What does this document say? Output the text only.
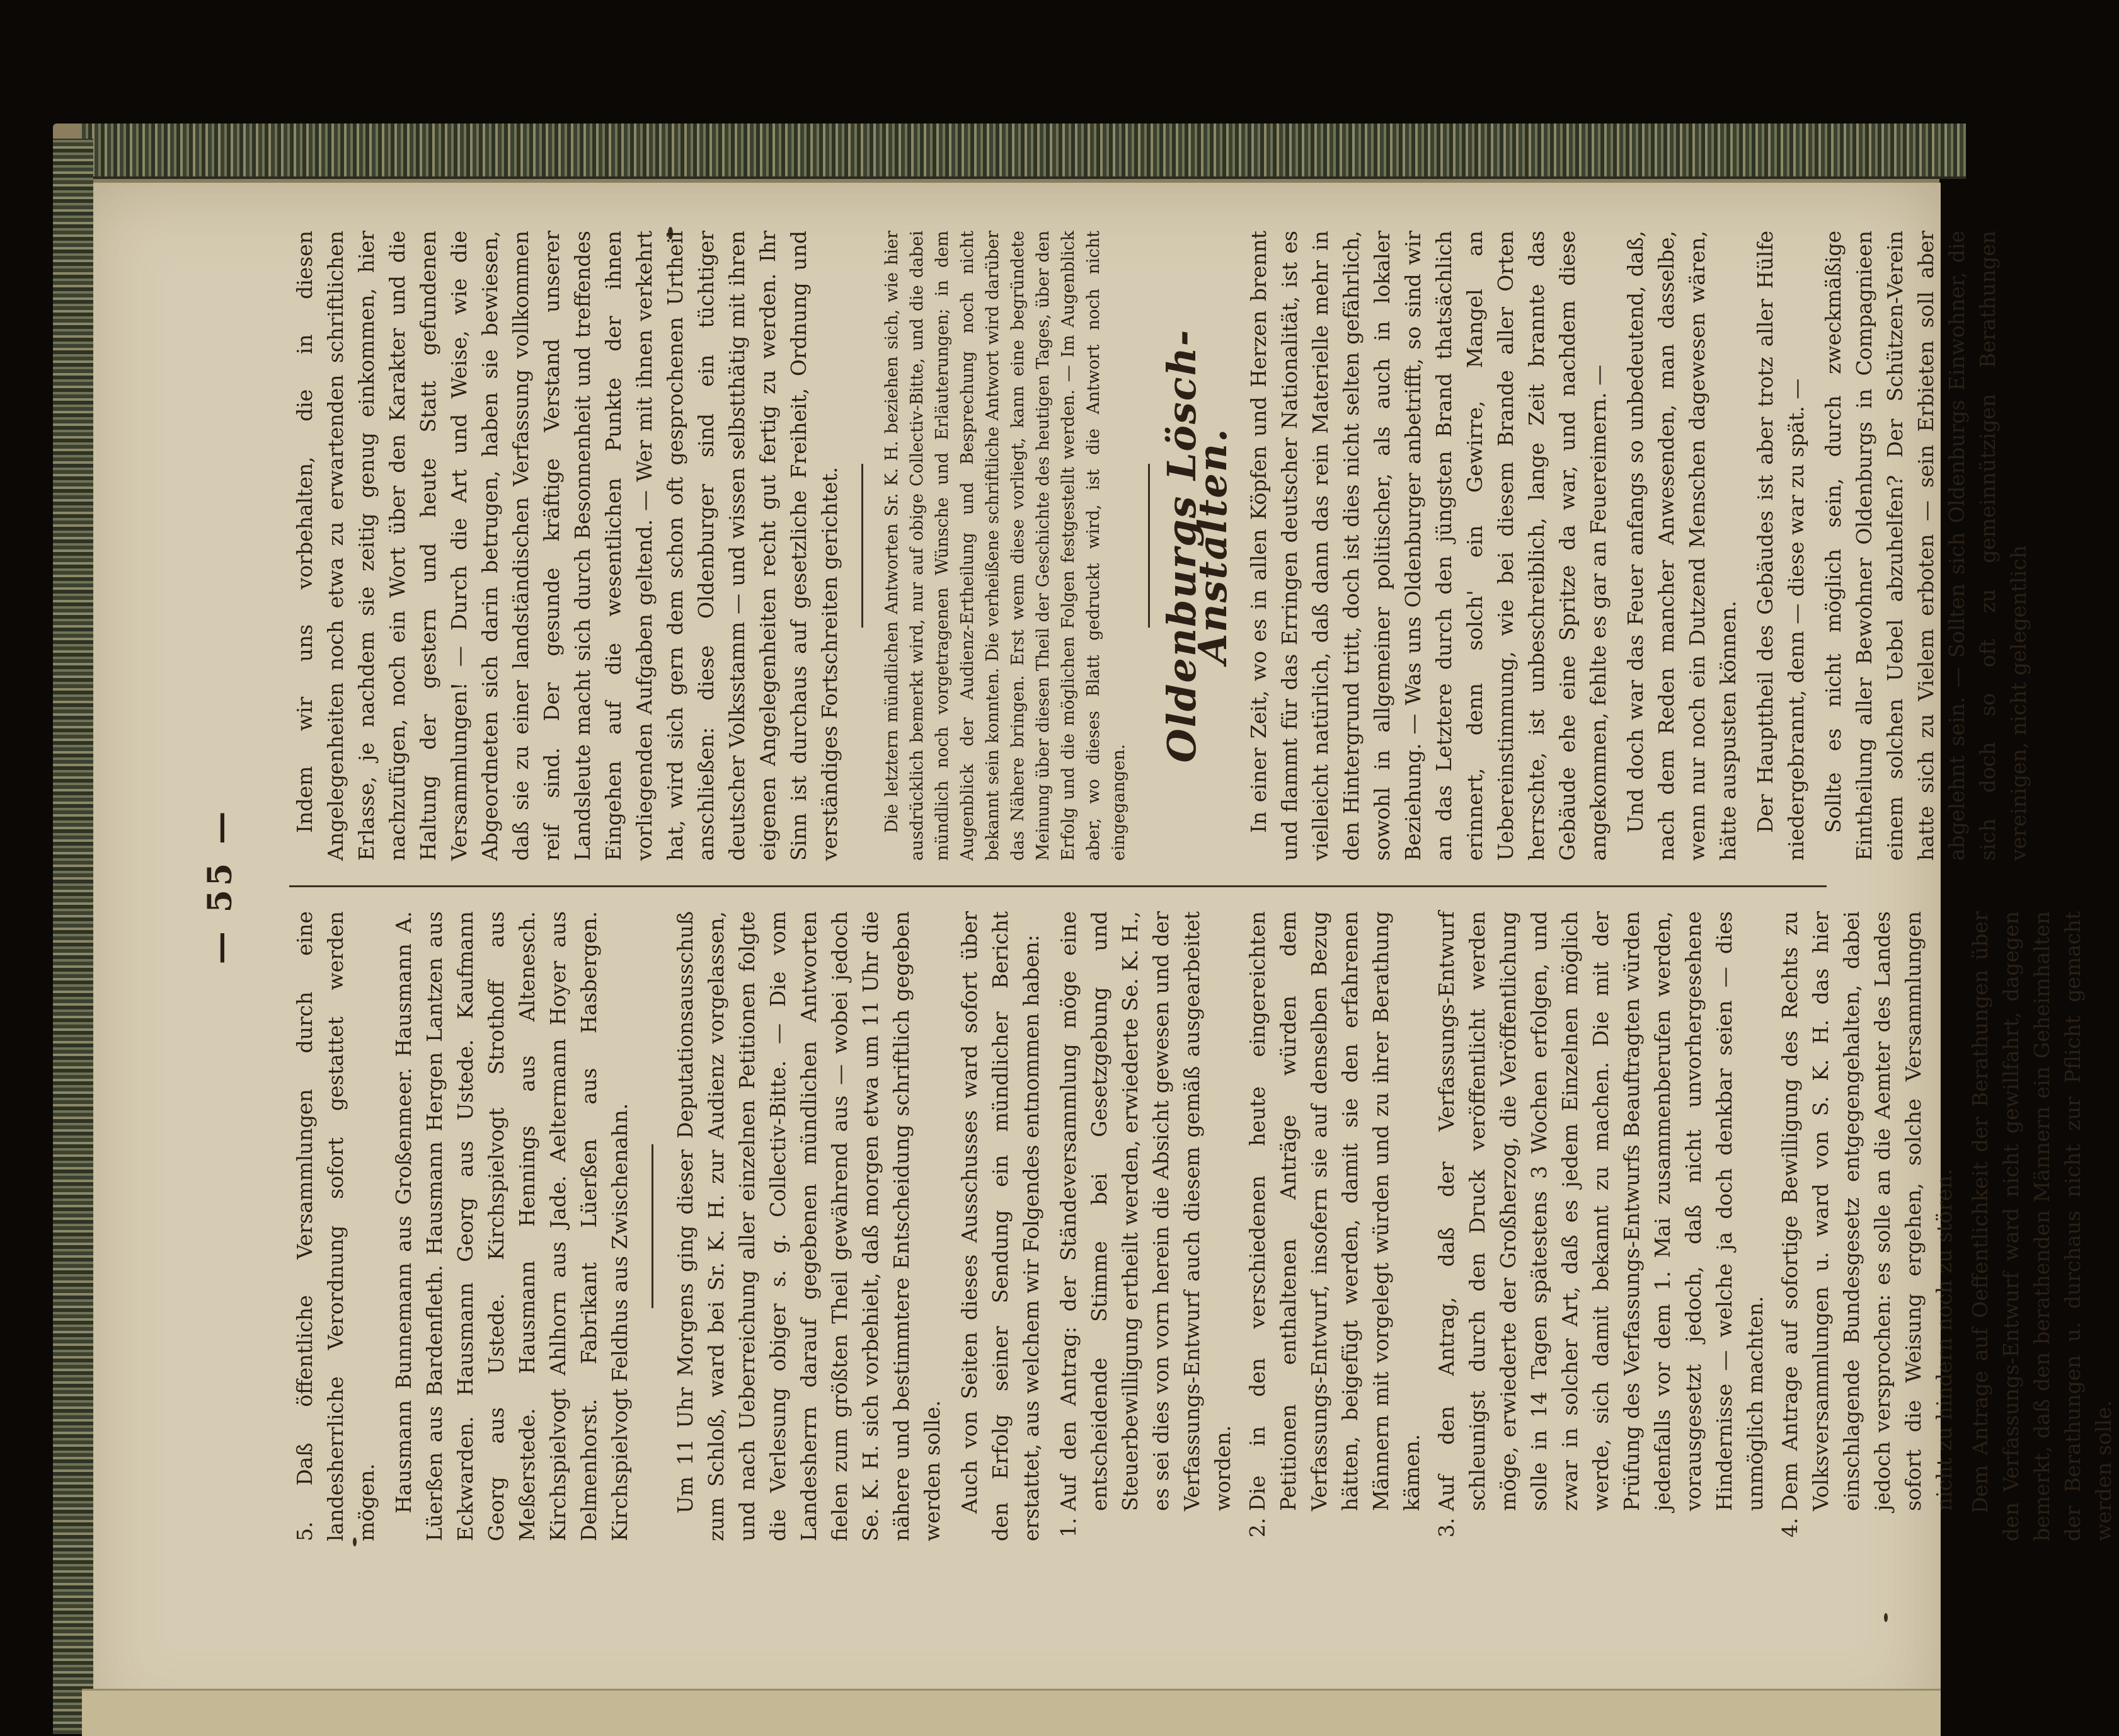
— 55 —

5. Daß öffentliche Versammlungen durch eine landesherrliche Verordnung sofort gestattet werden mögen. Hausmann Bunnemann aus Großenmeer. Hausmann A. Lüerßen aus Bardenfleth. Hausmann Hergen Lantzen aus Eckwarden. Hausmann Georg aus Ustede. Kaufmann Georg aus Ustede. Kirchspielvogt Strothoff aus Meßerstede. Hausmann Hennings aus Altenesch. Kirchspielvogt Ahlhorn aus Jade. Aeltermann Hoyer aus Delmenhorst. Fabrikant Lüerßen aus Hasbergen. Kirchspielvogt Feldhus aus Zwischenahn. Um 11 Uhr Morgens ging dieser Deputationsausschuß zum Schloß, ward bei Sr. K. H. zur Audienz vorgelassen, und nach Ueberreichung aller einzelnen Petitionen folgte die Verlesung obiger s. g. Collectiv-Bitte. — Die vom Landesherrn darauf gegebenen mündlichen Antworten fielen zum größten Theil gewährend aus — wobei jedoch Se. K. H. sich vorbehielt, daß morgen etwa um 11 Uhr die nähere und bestimmtere Entscheidung schriftlich gegeben werden solle. Auch von Seiten dieses Ausschusses ward sofort über den Erfolg seiner Sendung ein mündlicher Bericht erstattet, aus welchem wir Folgendes entnommen haben: 1. Auf den Antrag: der Ständeversammlung möge eine entscheidende Stimme bei Gesetzgebung und Steuerbewilligung ertheilt werden, erwiederte Se. K. H., es sei dies von vorn herein die Absicht gewesen und der Verfassungs-Entwurf auch diesem gemäß ausgearbeitet worden. 2. Die in den verschiedenen heute eingereichten Petitionen enthaltenen Anträge würden dem Verfassungs-Entwurf, insofern sie auf denselben Bezug hätten, beigefügt werden, damit sie den erfahrenen Männern mit vorgelegt würden und zu ihrer Berathung kämen. 3. Auf den Antrag, daß der Verfassungs-Entwurf schleunigst durch den Druck veröffentlicht werden möge, erwiederte der Großherzog, die Veröffentlichung solle in 14 Tagen spätestens 3 Wochen erfolgen, und zwar in solcher Art, daß es jedem Einzelnen möglich werde, sich damit bekannt zu machen. Die mit der Prüfung des Verfassungs-Entwurfs Beauftragten würden jedenfalls vor dem 1. Mai zusammenberufen werden, vorausgesetzt jedoch, daß nicht unvorhergesehene Hindernisse — welche ja doch denkbar seien — dies unmöglich machten. 4. Dem Antrage auf sofortige Bewilligung des Rechts zu Volksversammlungen u. ward von S. K. H. das hier einschlagende Bundesgesetz entgegengehalten, dabei jedoch versprochen: es solle an die Aemter des Landes sofort die Weisung ergehen, solche Versammlungen nicht zu hindern noch zu stören. Dem Antrage auf Oeffentlichkeit der Berathungen über den Verfassungs-Entwurf ward nicht gewillfahrt, dagegen bemerkt, daß den berathenden Männern ein Geheimhalten der Berathungen u. durchaus nicht zur Pflicht gemacht werden solle.

Indem wir uns vorbehalten, die in diesen Angelegenheiten noch etwa zu erwartenden schriftlichen Erlasse, je nachdem sie zeitig genug einkommen, hier nachzufügen, noch ein Wort über den Karakter und die Haltung der gestern und heute Statt gefundenen Versammlungen! — Durch die Art und Weise, wie die Abgeordneten sich darin betrugen, haben sie bewiesen, daß sie zu einer landständischen Verfassung vollkommen reif sind. Der gesunde kräftige Verstand unserer Landsleute macht sich durch Besonnenheit und treffendes Eingehen auf die wesentlichen Punkte der ihnen vorliegenden Aufgaben geltend. — Wer mit ihnen verkehrt hat, wird sich gern dem schon oft gesprochenen Urtheil anschließen: diese Oldenburger sind ein tüchtiger deutscher Volksstamm — und wissen selbstthätig mit ihren eigenen Angelegenheiten recht gut fertig zu werden. Ihr Sinn ist durchaus auf gesetzliche Freiheit, Ordnung und verständiges Fortschreiten gerichtet. Die letztern mündlichen Antworten Sr. K. H. beziehen sich, wie hier ausdrücklich bemerkt wird, nur auf obige Collectiv-Bitte, und die dabei mündlich noch vorgetragenen Wünsche und Erläuterungen; in dem Augenblick der Audienz-Ertheilung und Besprechung noch nicht bekannt sein konnten. Die verheißene schriftliche Antwort wird darüber das Nähere bringen. Erst wenn diese vorliegt, kann eine begründete Meinung über diesen Theil der Geschichte des heutigen Tages, über den Erfolg und die möglichen Folgen festgestellt werden. — Im Augenblick aber, wo dieses Blatt gedruckt wird, ist die Antwort noch nicht eingegangen.

Oldenburgs Lösch-Anstalten. In einer Zeit, wo es in allen Köpfen und Herzen brennt und flammt für das Erringen deutscher Nationalität, ist es vielleicht natürlich, daß dann das rein Materielle mehr in den Hintergrund tritt, doch ist dies nicht selten gefährlich, sowohl in allgemeiner politischer, als auch in lokaler Beziehung. — Was uns Oldenburger anbetrifft, so sind wir an das Letztere durch den jüngsten Brand thatsächlich erinnert, denn solch' ein Gewirre, Mangel an Uebereinstimmung, wie bei diesem Brande aller Orten herrschte, ist unbeschreiblich, lange Zeit brannte das Gebäude ehe eine Spritze da war, und nachdem diese angekommen, fehlte es gar an Feuereimern. — Und doch war das Feuer anfangs so unbedeutend, daß, nach dem Reden mancher Anwesenden, man dasselbe, wenn nur noch ein Dutzend Menschen dagewesen wären, hätte auspusten können. Der Haupttheil des Gebäudes ist aber trotz aller Hülfe niedergebrannt, denn — diese war zu spät. — Sollte es nicht möglich sein, durch zweckmäßige Eintheilung aller Bewohner Oldenburgs in Compagnieen einem solchen Uebel abzuhelfen? Der Schützen-Verein hatte sich zu Vielem erboten — sein Erbieten soll aber abgelehnt sein. — Sollten sich Oldenburgs Einwohner, die sich doch so oft zu gemeinnützigen Berathungen vereinigen, nicht gelegentlich
